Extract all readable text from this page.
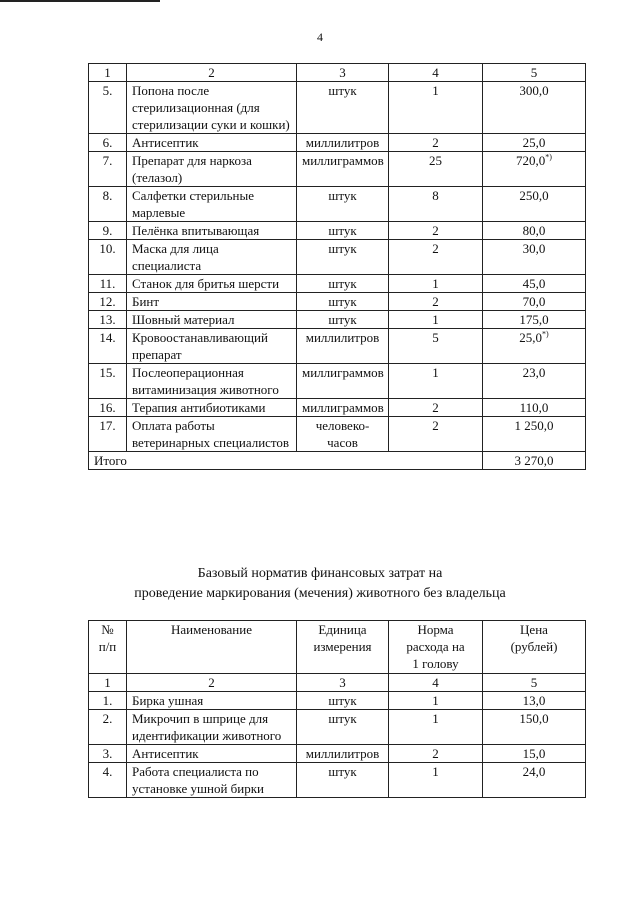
4
1	2	3	4	5
5.	Попона после стерилизационная (для стерилизации суки и кошки)	штук	1	300,0
6.	Антисептик	миллилитров	2	25,0
7.	Препарат для наркоза (телазол)	миллиграммов	25	720,0*)
8.	Салфетки стерильные марлевые	штук	8	250,0
9.	Пелёнка впитывающая	штук	2	80,0
10.	Маска для лица специалиста	штук	2	30,0
11.	Станок для бритья шерсти	штук	1	45,0
12.	Бинт	штук	2	70,0
13.	Шовный материал	штук	1	175,0
14.	Кровоостанавливающий препарат	миллилитров	5	25,0*)
15.	Послеоперационная витаминизация животного	миллиграммов	1	23,0
16.	Терапия антибиотиками	миллиграммов	2	110,0
17.	Оплата работы ветеринарных специалистов	человеко-часов	2	1 250,0
Итого				3 270,0
Базовый норматив финансовых затрат на
проведение маркирования (мечения) животного без владельца
№ п/п	Наименование	Единица измерения	Норма расхода на 1 голову	Цена (рублей)
1	2	3	4	5
1.	Бирка ушная	штук	1	13,0
2.	Микрочип в шприце для идентификации животного	штук	1	150,0
3.	Антисептик	миллилитров	2	15,0
4.	Работа специалиста по установке ушной бирки	штук	1	24,0
